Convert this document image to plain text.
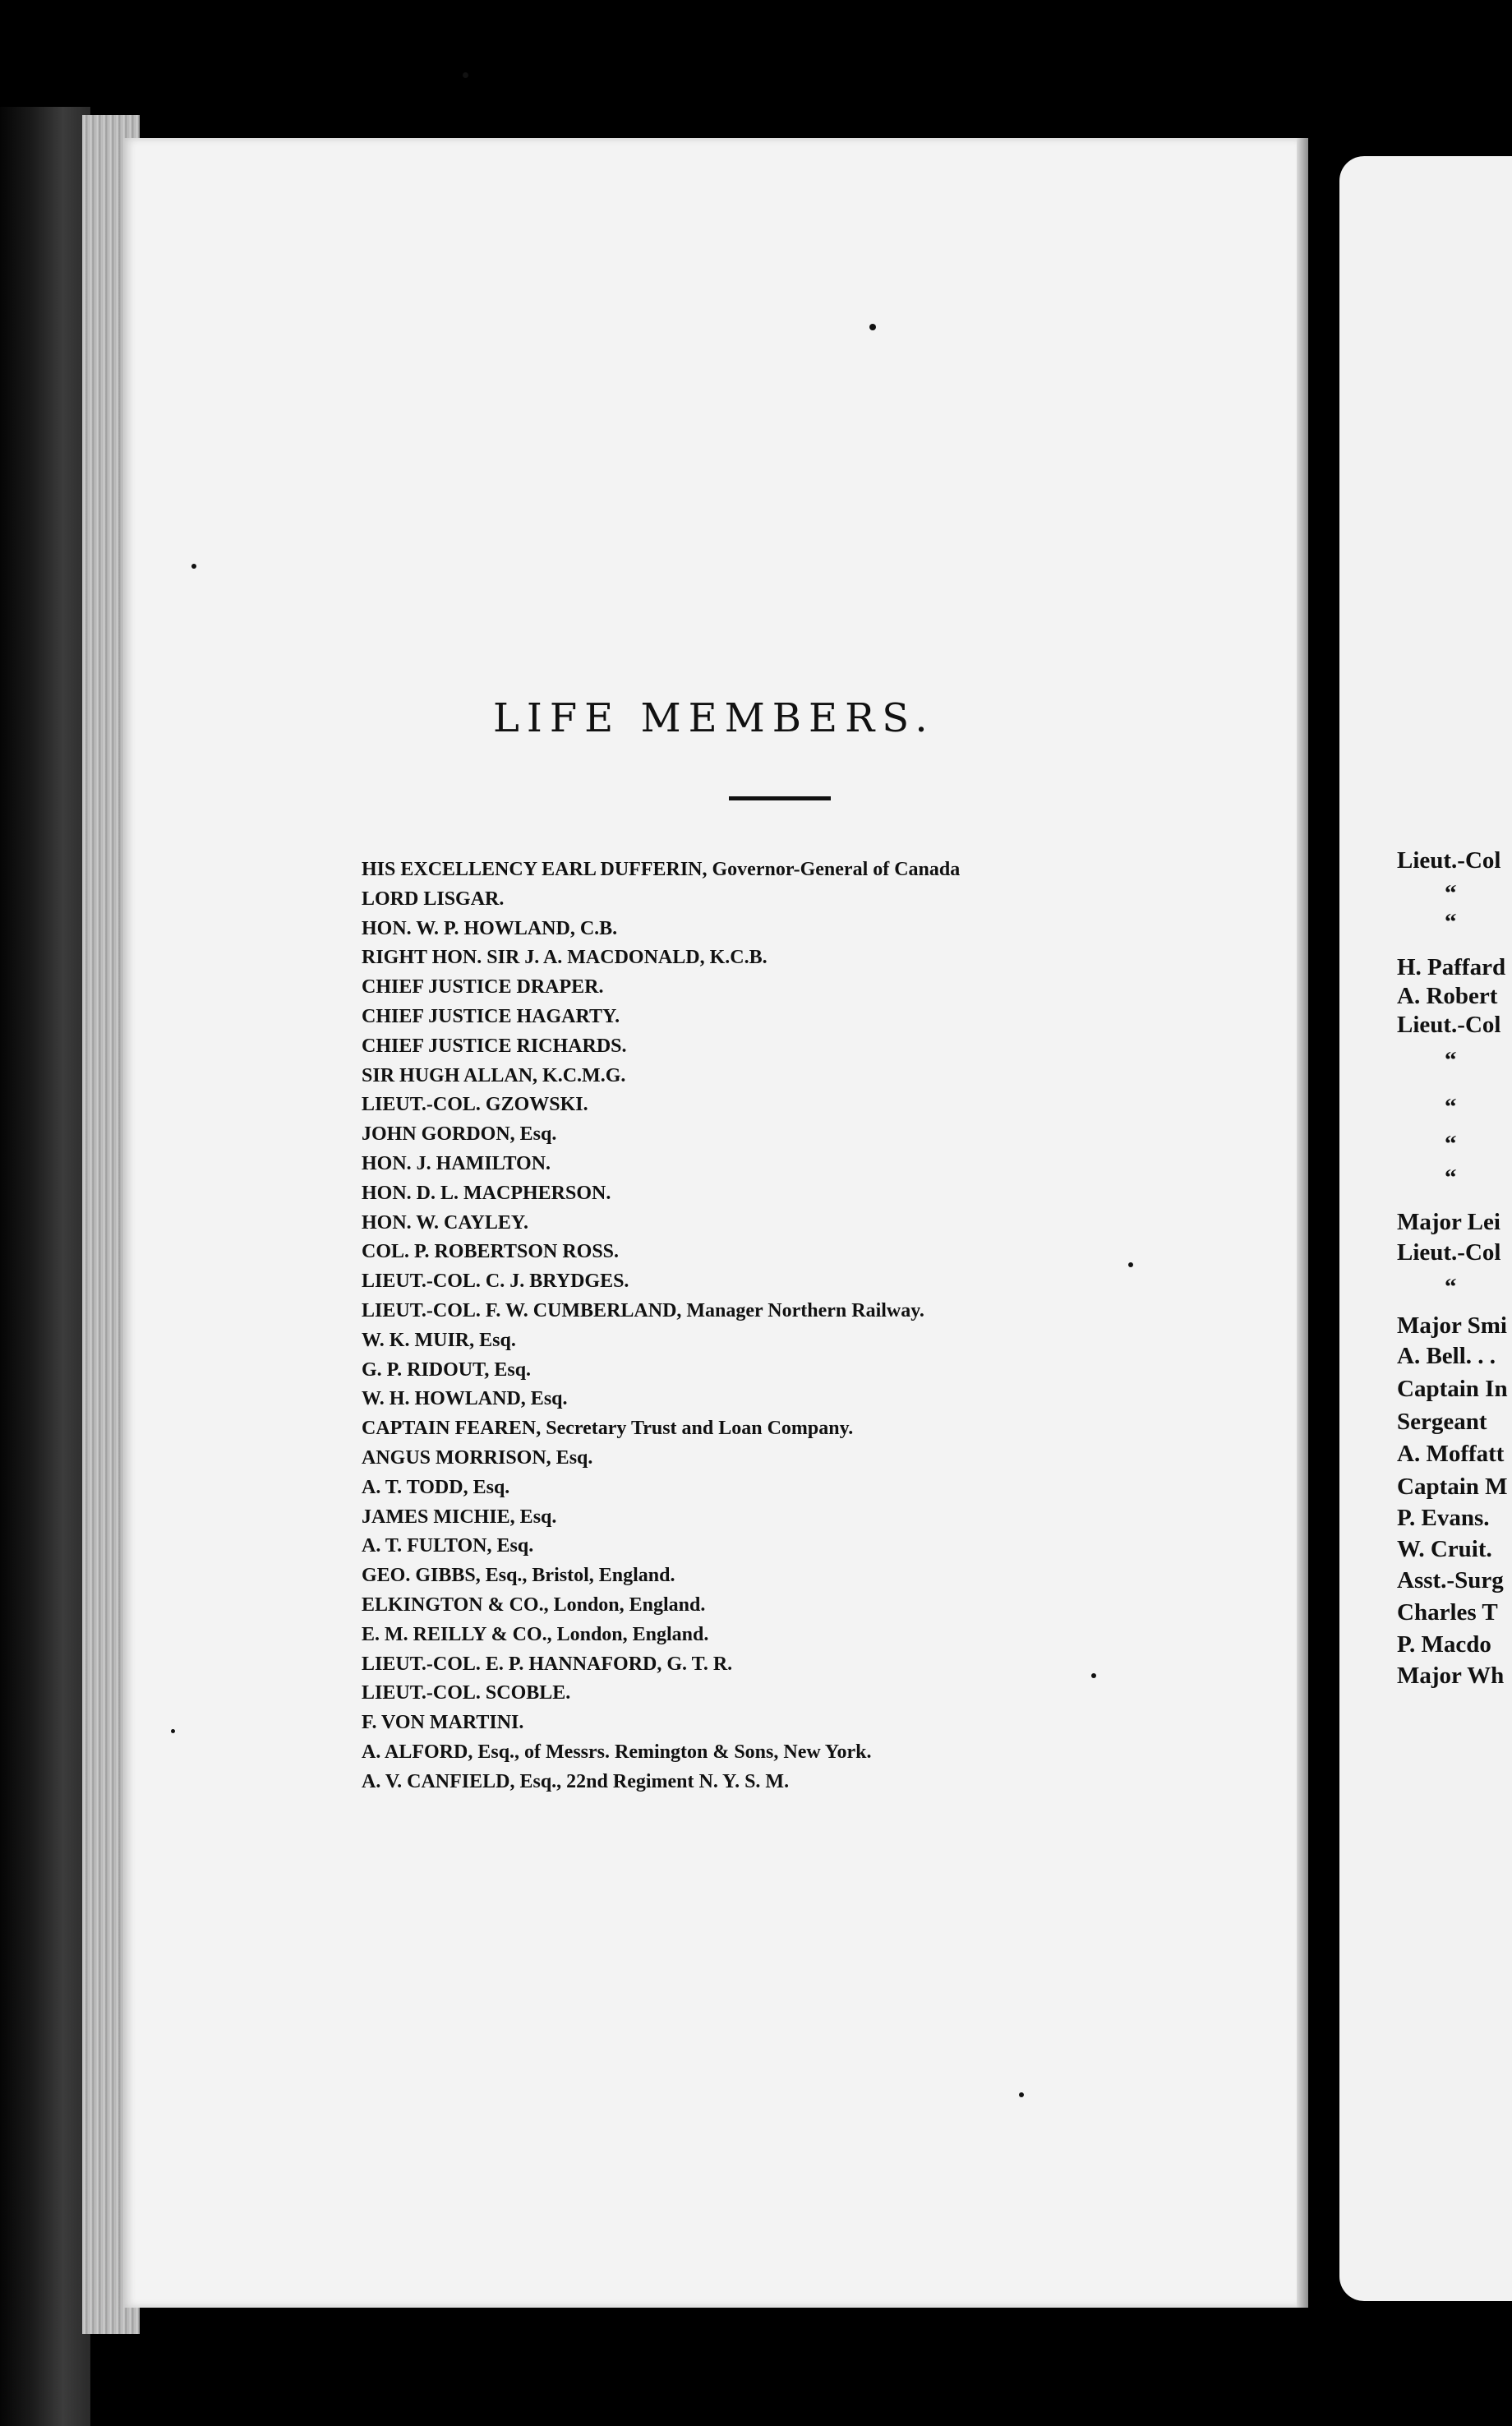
LIFE MEMBERS.
HIS EXCELLENCY EARL DUFFERIN, Governor-General of Canada
LORD LISGAR.
HON. W. P. HOWLAND, C.B.
RIGHT HON. SIR J. A. MACDONALD, K.C.B.
CHIEF JUSTICE DRAPER.
CHIEF JUSTICE HAGARTY.
CHIEF JUSTICE RICHARDS.
SIR HUGH ALLAN, K.C.M.G.
LIEUT.-COL. GZOWSKI.
JOHN GORDON, Esq.
HON. J. HAMILTON.
HON. D. L. MACPHERSON.
HON. W. CAYLEY.
COL. P. ROBERTSON ROSS.
LIEUT.-COL. C. J. BRYDGES.
LIEUT.-COL. F. W. CUMBERLAND, Manager Northern Railway.
W. K. MUIR, Esq.
G. P. RIDOUT, Esq.
W. H. HOWLAND, Esq.
CAPTAIN FEAREN, Secretary Trust and Loan Company.
ANGUS MORRISON, Esq.
A. T. TODD, Esq.
JAMES MICHIE, Esq.
A. T. FULTON, Esq.
GEO. GIBBS, Esq., Bristol, England.
ELKINGTON & CO., London, England.
E. M. REILLY & CO., London, England.
LIEUT.-COL. E. P. HANNAFORD, G. T. R.
LIEUT.-COL. SCOBLE.
F. VON MARTINI.
A. ALFORD, Esq., of Messrs. Remington & Sons, New York.
A. V. CANFIELD, Esq., 22nd Regiment N. Y. S. M.
Lieut.-Col
“
“
H. Paffard
A. Robert
Lieut.-Col
“
“
“
“
Major Lei
Lieut.-Col
“
Major Smi
A. Bell. . .
Captain In
Sergeant
A. Moffatt
Captain M
P. Evans.
W. Cruit.
Asst.-Surg
Charles T
P. Macdo
Major Wh
